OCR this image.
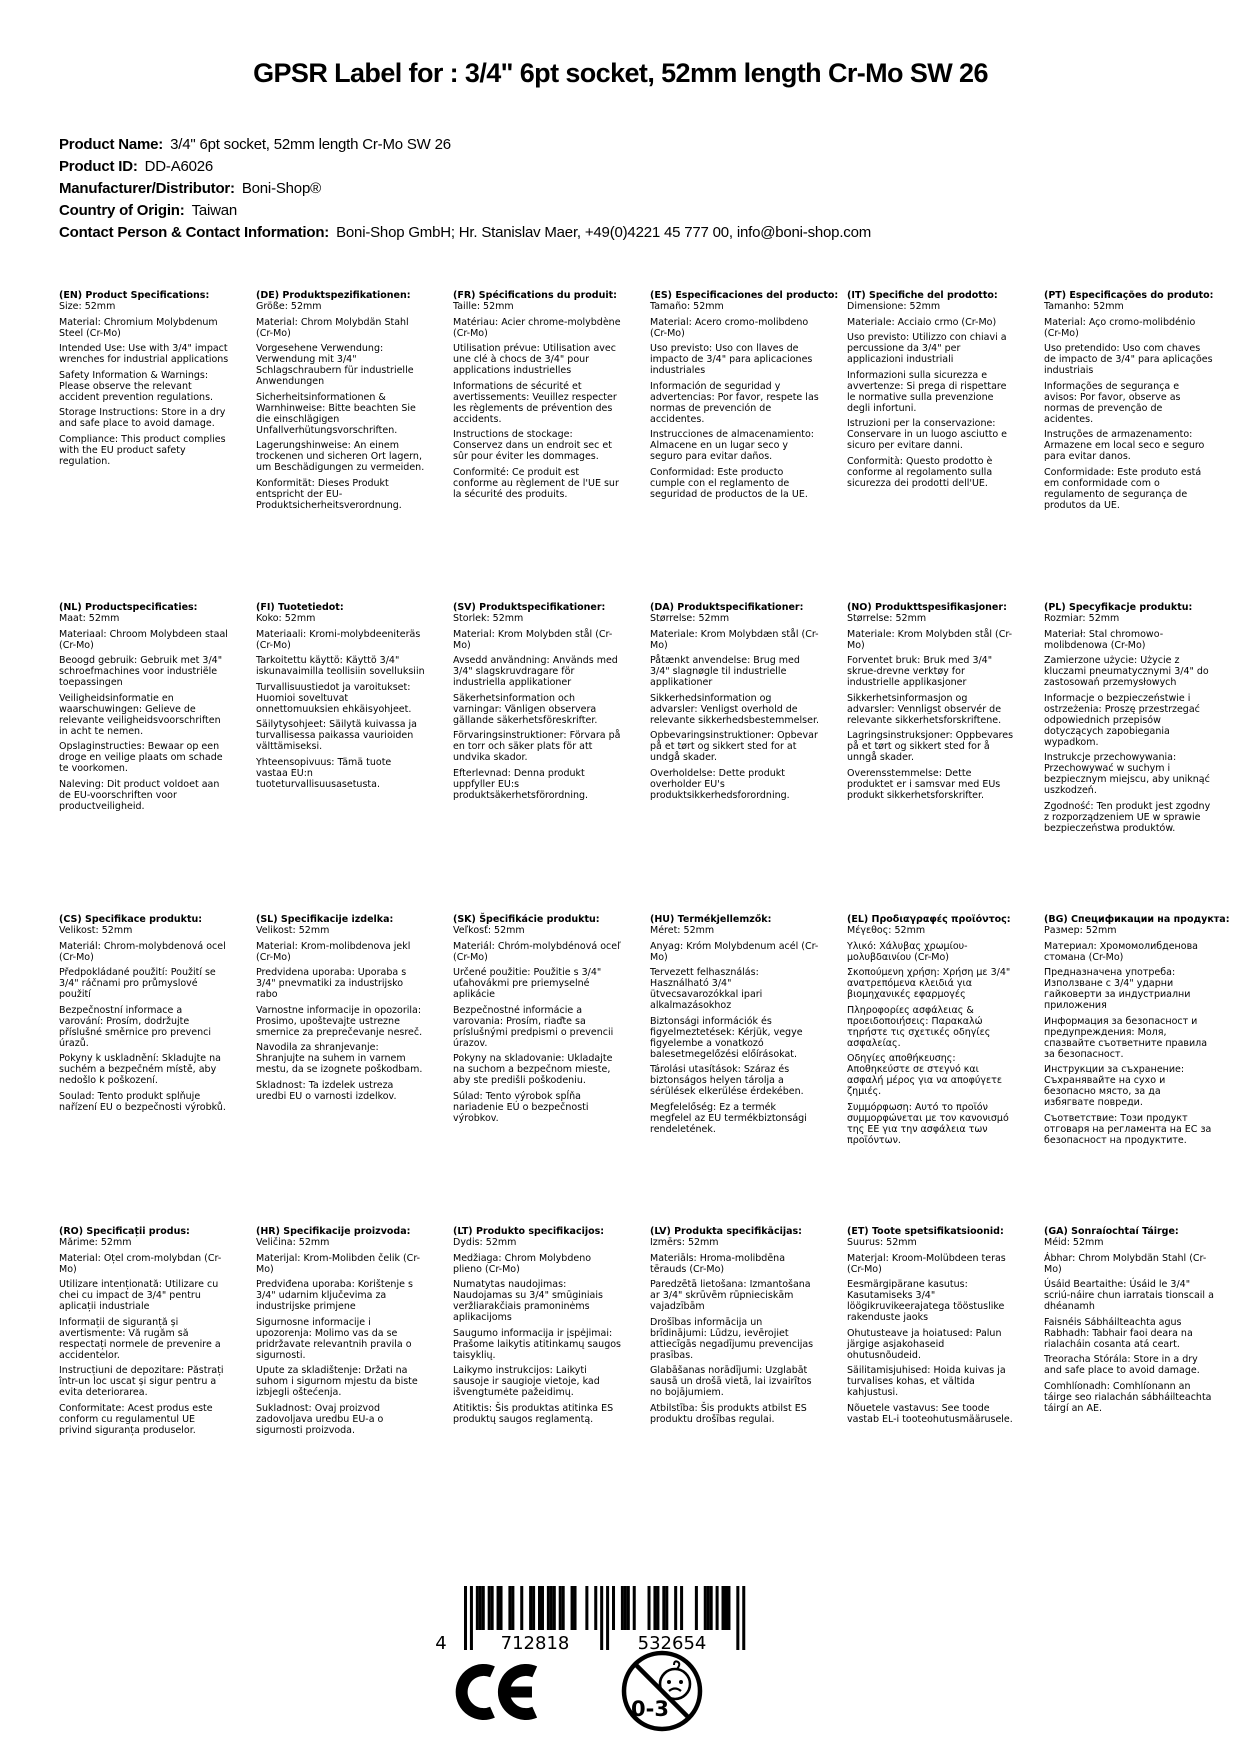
GPSR Label for : 3/4" 6pt socket, 52mm length Cr-Mo SW 26
Product Name: 3/4" 6pt socket, 52mm length Cr-Mo SW 26
Product ID: DD-A6026
Manufacturer/Distributor: Boni-Shop®
Country of Origin: Taiwan
Contact Person & Contact Information: Boni-Shop GmbH; Hr. Stanislav Maer, +49(0)4221 45 777 00, info@boni-shop.com
(EN) Product Specifications:

Size: 52mm

Material: Chromium Molybdenum Steel (Cr-Mo)

Intended Use: Use with 3/4" impact wrenches for industrial applications

Safety Information & Warnings: Please observe the relevant accident prevention regulations.

Storage Instructions: Store in a dry and safe place to avoid damage.

Compliance: This product complies with the EU product safety regulation.

(DE) Produktspezifikationen:

Größe: 52mm

Material: Chrom Molybdän Stahl (Cr-Mo)

Vorgesehene Verwendung: Verwendung mit 3/4" Schlagschraubern für industrielle Anwendungen

Sicherheitsinformationen & Warnhinweise: Bitte beachten Sie die einschlägigen Unfallverhütungsvorschriften.

Lagerungshinweise: An einem trockenen und sicheren Ort lagern, um Beschädigungen zu vermeiden.

Konformität: Dieses Produkt entspricht der EU-Produktsicherheitsverordnung.

(FR) Spécifications du produit:

Taille: 52mm

Matériau: Acier chrome-molybdène (Cr-Mo)

Utilisation prévue: Utilisation avec une clé à chocs de 3/4" pour applications industrielles

Informations de sécurité et avertissements: Veuillez respecter les règlements de prévention des accidents.

Instructions de stockage: Conservez dans un endroit sec et sûr pour éviter les dommages.

Conformité: Ce produit est conforme au règlement de l'UE sur la sécurité des produits.

(ES) Especificaciones del producto:

Tamaño: 52mm

Material: Acero cromo-molibdeno (Cr-Mo)

Uso previsto: Uso con llaves de impacto de 3/4" para aplicaciones industriales

Información de seguridad y advertencias: Por favor, respete las normas de prevención de accidentes.

Instrucciones de almacenamiento: Almacene en un lugar seco y seguro para evitar daños.

Conformidad: Este producto cumple con el reglamento de seguridad de productos de la UE.

(IT) Specifiche del prodotto:

Dimensione: 52mm

Materiale: Acciaio crmo (Cr-Mo)

Uso previsto: Utilizzo con chiavi a percussione da 3/4" per applicazioni industriali

Informazioni sulla sicurezza e avvertenze: Si prega di rispettare le normative sulla prevenzione degli infortuni.

Istruzioni per la conservazione: Conservare in un luogo asciutto e sicuro per evitare danni.

Conformità: Questo prodotto è conforme al regolamento sulla sicurezza dei prodotti dell'UE.

(PT) Especificações do produto:

Tamanho: 52mm

Material: Aço cromo-molibdénio (Cr-Mo)

Uso pretendido: Uso com chaves de impacto de 3/4" para aplicações industriais

Informações de segurança e avisos: Por favor, observe as normas de prevenção de acidentes.

Instruções de armazenamento: Armazene em local seco e seguro para evitar danos.

Conformidade: Este produto está em conformidade com o regulamento de segurança de produtos da UE.

(NL) Productspecificaties:

Maat: 52mm

Materiaal: Chroom Molybdeen staal (Cr-Mo)

Beoogd gebruik: Gebruik met 3/4" schroefmachines voor industriële toepassingen

Veiligheidsinformatie en waarschuwingen: Gelieve de relevante veiligheidsvoorschriften in acht te nemen.

Opslaginstructies: Bewaar op een droge en veilige plaats om schade te voorkomen.

Naleving: Dit product voldoet aan de EU-voorschriften voor productveiligheid.

(FI) Tuotetiedot:

Koko: 52mm

Materiaali: Kromi-molybdeeniteräs (Cr-Mo)

Tarkoitettu käyttö: Käyttö 3/4" iskunavaimilla teollisiin sovelluksiin

Turvallisuustiedot ja varoitukset: Huomioi soveltuvat onnettomuuksien ehkäisyohjeet.

Säilytysohjeet: Säilytä kuivassa ja turvallisessa paikassa vaurioiden välttämiseksi.

Yhteensopivuus: Tämä tuote vastaa EU:n tuoteturvallisuusasetusta.

(SV) Produktspecifikationer:

Storlek: 52mm

Material: Krom Molybden stål (Cr-Mo)

Avsedd användning: Används med 3/4" slagskruvdragare för industriella applikationer

Säkerhetsinformation och varningar: Vänligen observera gällande säkerhetsföreskrifter.

Förvaringsinstruktioner: Förvara på en torr och säker plats för att undvika skador.

Efterlevnad: Denna produkt uppfyller EU:s produktsäkerhetsförordning.

(DA) Produktspecifikationer:

Størrelse: 52mm

Materiale: Krom Molybdæn stål (Cr-Mo)

Påtænkt anvendelse: Brug med 3/4" slagnøgle til industrielle applikationer

Sikkerhedsinformation og advarsler: Venligst overhold de relevante sikkerhedsbestemmelser.

Opbevaringsinstruktioner: Opbevar på et tørt og sikkert sted for at undgå skader.

Overholdelse: Dette produkt overholder EU's produktsikkerhedsforordning.

(NO) Produkttspesifikasjoner:

Størrelse: 52mm

Materiale: Krom Molybden stål (Cr-Mo)

Forventet bruk: Bruk med 3/4" skrue-drevne verktøy for industrielle applikasjoner

Sikkerhetsinformasjon og advarsler: Vennligst observér de relevante sikkerhetsforskriftene.

Lagringsinstruksjoner: Oppbevares på et tørt og sikkert sted for å unngå skader.

Overensstemmelse: Dette produktet er i samsvar med EUs produkt sikkerhetsforskrifter.

(PL) Specyfikacje produktu:

Rozmiar: 52mm

Materiał: Stal chromowo-molibdenowa (Cr-Mo)

Zamierzone użycie: Użycie z kluczami pneumatycznymi 3/4" do zastosowań przemysłowych

Informacje o bezpieczeństwie i ostrzeżenia: Proszę przestrzegać odpowiednich przepisów dotyczących zapobiegania wypadkom.

Instrukcje przechowywania: Przechowywać w suchym i bezpiecznym miejscu, aby uniknąć uszkodzeń.

Zgodność: Ten produkt jest zgodny z rozporządzeniem UE w sprawie bezpieczeństwa produktów.

(CS) Specifikace produktu:

Velikost: 52mm

Materiál: Chrom-molybdenová ocel (Cr-Mo)

Předpokládané použití: Použití se 3/4" ráčnami pro průmyslové použití

Bezpečnostní informace a varování: Prosím, dodržujte příslušné směrnice pro prevenci úrazů.

Pokyny k uskladnění: Skladujte na suchém a bezpečném místě, aby nedošlo k poškození.

Soulad: Tento produkt splňuje nařízení EU o bezpečnosti výrobků.

(SL) Specifikacije izdelka:

Velikost: 52mm

Material: Krom-molibdenova jekl (Cr-Mo)

Predvidena uporaba: Uporaba s 3/4" pnevmatiki za industrijsko rabo

Varnostne informacije in opozorila: Prosimo, upoštevajte ustrezne smernice za preprečevanje nesreč.

Navodila za shranjevanje: Shranjujte na suhem in varnem mestu, da se izognete poškodbam.

Skladnost: Ta izdelek ustreza uredbi EU o varnosti izdelkov.

(SK) Špecifikácie produktu:

Veľkosť: 52mm

Materiál: Chróm-molybdénová oceľ (Cr-Mo)

Určené použitie: Použitie s 3/4" uťahovákmi pre priemyselné aplikácie

Bezpečnostné informácie a varovania: Prosím, riaďte sa príslušnými predpismi o prevencii úrazov.

Pokyny na skladovanie: Ukladajte na suchom a bezpečnom mieste, aby ste predišli poškodeniu.

Súlad: Tento výrobok spĺňa nariadenie EÚ o bezpečnosti výrobkov.

(HU) Termékjellemzők:

Méret: 52mm

Anyag: Króm Molybdenum acél (Cr-Mo)

Tervezett felhasználás: Használható 3/4" ütvecsavarozókkal ipari alkalmazásokhoz

Biztonsági információk és figyelmeztetések: Kérjük, vegye figyelembe a vonatkozó balesetmegelőzési előírásokat.

Tárolási utasítások: Száraz és biztonságos helyen tárolja a sérülések elkerülése érdekében.

Megfelelőség: Ez a termék megfelel az EU termékbiztonsági rendeletének.

(EL) Προδιαγραφές προϊόντος:

Μέγεθος: 52mm

Υλικό: Χάλυβας χρωμίου-μολυβδαινίου (Cr-Mo)

Σκοπούμενη χρήση: Χρήση με 3/4" ανατρεπόμενα κλειδιά για βιομηχανικές εφαρμογές

Πληροφορίες ασφάλειας & προειδοποιήσεις: Παρακαλώ τηρήστε τις σχετικές οδηγίες ασφαλείας.

Οδηγίες αποθήκευσης: Αποθηκεύστε σε στεγνό και ασφαλή μέρος για να αποφύγετε ζημιές.

Συμμόρφωση: Αυτό το προϊόν συμμορφώνεται με τον κανονισμό της ΕΕ για την ασφάλεια των προϊόντων.

(BG) Спецификации на продукта:

Размер: 52mm

Материал: Хромомолибденова стомана (Cr-Mo)

Предназначена употреба: Използване с 3/4" ударни гайковерти за индустриални приложения

Информация за безопасност и предупреждения: Моля, спазвайте съответните правила за безопасност.

Инструкции за съхранение: Съхранявайте на сухо и безопасно място, за да избягвате повреди.

Съответствие: Този продукт отговаря на регламента на ЕС за безопасност на продуктите.

(RO) Specificații produs:

Mărime: 52mm

Material: Oțel crom-molybdan (Cr-Mo)

Utilizare intenționată: Utilizare cu chei cu impact de 3/4" pentru aplicații industriale

Informații de siguranță și avertismente: Vă rugăm să respectați normele de prevenire a accidentelor.

Instrucțiuni de depozitare: Păstrați într-un loc uscat și sigur pentru a evita deteriorarea.

Conformitate: Acest produs este conform cu regulamentul UE privind siguranța produselor.

(HR) Specifikacije proizvoda:

Veličina: 52mm

Materijal: Krom-Molibden čelik (Cr-Mo)

Predviđena uporaba: Korištenje s 3/4" udarnim ključevima za industrijske primjene

Sigurnosne informacije i upozorenja: Molimo vas da se pridržavate relevantnih pravila o sigurnosti.

Upute za skladištenje: Držati na suhom i sigurnom mjestu da biste izbjegli oštećenja.

Sukladnost: Ovaj proizvod zadovoljava uredbu EU-a o sigurnosti proizvoda.

(LT) Produkto specifikacijos:

Dydis: 52mm

Medžiaga: Chrom Molybdeno plieno (Cr-Mo)

Numatytas naudojimas: Naudojamas su 3/4" smūginiais veržliarakčiais pramoninėms aplikacijoms

Saugumo informacija ir įspėjimai: Prašome laikytis atitinkamų saugos taisyklių.

Laikymo instrukcijos: Laikyti sausoje ir saugioje vietoje, kad išvengtumėte pažeidimų.

Atitiktis: Šis produktas atitinka ES produktų saugos reglamentą.

(LV) Produkta specifikācijas:

Izmērs: 52mm

Materiāls: Hroma-molibdēna tērauds (Cr-Mo)

Paredzētā lietošana: Izmantošana ar 3/4" skrūvēm rūpnieciskām vajadzībām

Drošības informācija un brīdinājumi: Lūdzu, ievērojiet attiecīgās negadījumu prevencijas prasības.

Glabāšanas norādījumi: Uzglabāt sausā un drošā vietā, lai izvairītos no bojājumiem.

Atbilstība: Šis produkts atbilst ES produktu drošības regulai.

(ET) Toote spetsifikatsioonid:

Suurus: 52mm

Materjal: Kroom-Molübdeen teras (Cr-Mo)

Eesmärgipärane kasutus: Kasutamiseks 3/4" löögikruvikeerajatega tööstuslike rakenduste jaoks

Ohutusteave ja hoiatused: Palun järgige asjakohaseid ohutusnõudeid.

Säilitamisjuhised: Hoida kuivas ja turvalises kohas, et vältida kahjustusi.

Nõuetele vastavus: See toode vastab EL-i tooteohutusmäärusele.

(GA) Sonraíochtaí Táirge:

Méid: 52mm

Ábhar: Chrom Molybdän Stahl (Cr-Mo)

Úsáid Beartaithe: Úsáid le 3/4" scriú-náire chun iarratais tionscail a dhéanamh

Faisnéis Sábháilteachta agus Rabhadh: Tabhair faoi deara na rialacháin cosanta atá ceart.

Treoracha Stórála: Store in a dry and safe place to avoid damage.

Comhlíonadh: Comhlíonann an táirge seo rialachán sábháilteachta táirgí an AE.

4	712818	532654
0-3
